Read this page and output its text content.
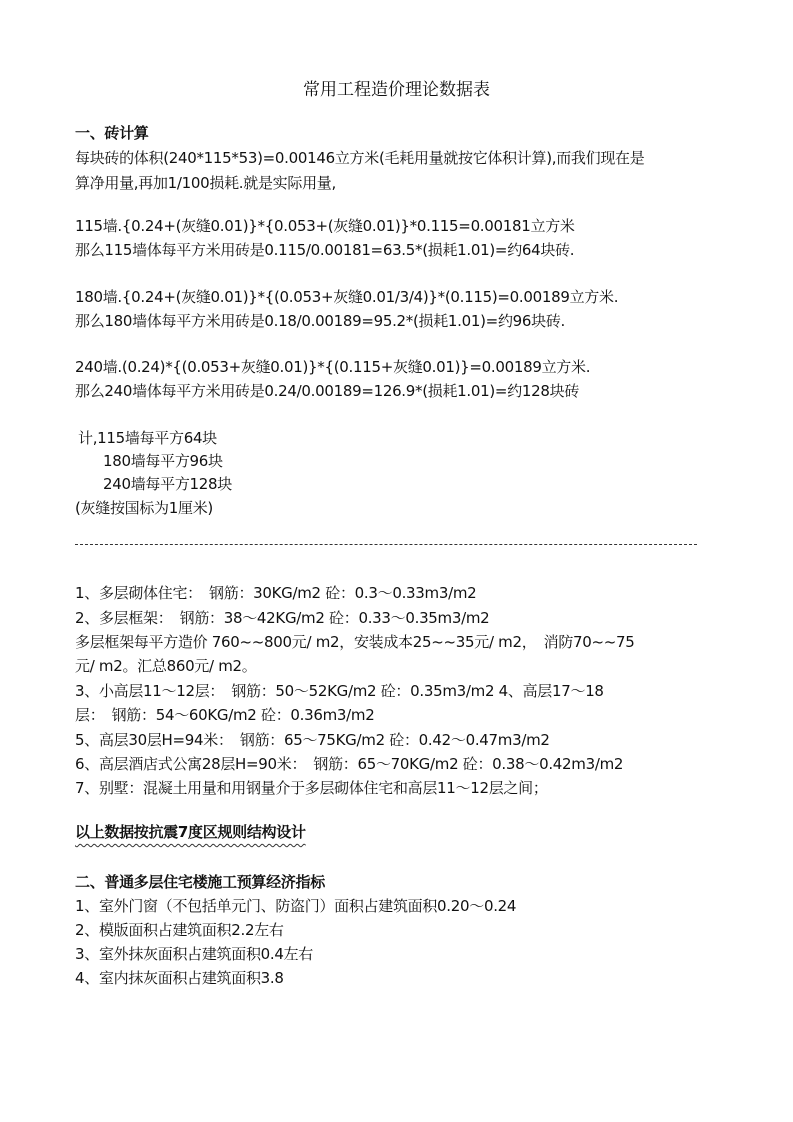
常用工程造价理论数据表
一、砖计算
每块砖的体积(240*115*53)=0.00146立方米(毛耗用量就按它体积计算),而我们现在是
算净用量,再加1/100损耗.就是实际用量,
115墙.{0.24+(灰缝0.01)}*{0.053+(灰缝0.01)}*0.115=0.00181立方米
那么115墙体每平方米用砖是0.115/0.00181=63.5*(损耗1.01)=约64块砖.
180墙.{0.24+(灰缝0.01)}*{(0.053+灰缝0.01/3/4)}*(0.115)=0.00189立方米.
那么180墙体每平方米用砖是0.18/0.00189=95.2*(损耗1.01)=约96块砖.
240墙.(0.24)*{(0.053+灰缝0.01)}*{(0.115+灰缝0.01)}=0.00189立方米.
那么240墙体每平方米用砖是0.24/0.00189=126.9*(损耗1.01)=约128块砖
计,115墙每平方64块
180墙每平方96块
240墙每平方128块
(灰缝按国标为1厘米)
1、多层砌体住宅：　钢筋：30KG/m2 砼：0.3～0.33m3/m2
2、多层框架：　钢筋：38～42KG/m2 砼：0.33～0.35m3/m2
多层框架每平方造价 760~~800元/ m2，安装成本25~~35元/ m2，　消防70~~75
元/ m2。汇总860元/ m2。
3、小高层11～12层：　钢筋：50～52KG/m2 砼：0.35m3/m2 4、高层17～18
层：　钢筋：54～60KG/m2 砼：0.36m3/m2
5、高层30层H=94米：　钢筋：65～75KG/m2 砼：0.42～0.47m3/m2
6、高层酒店式公寓28层H=90米：　钢筋：65～70KG/m2 砼：0.38～0.42m3/m2
7、别墅：混凝土用量和用钢量介于多层砌体住宅和高层11～12层之间；
以上数据按抗震7度区规则结构设计
二、普通多层住宅楼施工预算经济指标
1、室外门窗（不包括单元门、防盗门）面积占建筑面积0.20～0.24
2、模版面积占建筑面积2.2左右
3、室外抹灰面积占建筑面积0.4左右
4、室内抹灰面积占建筑面积3.8
